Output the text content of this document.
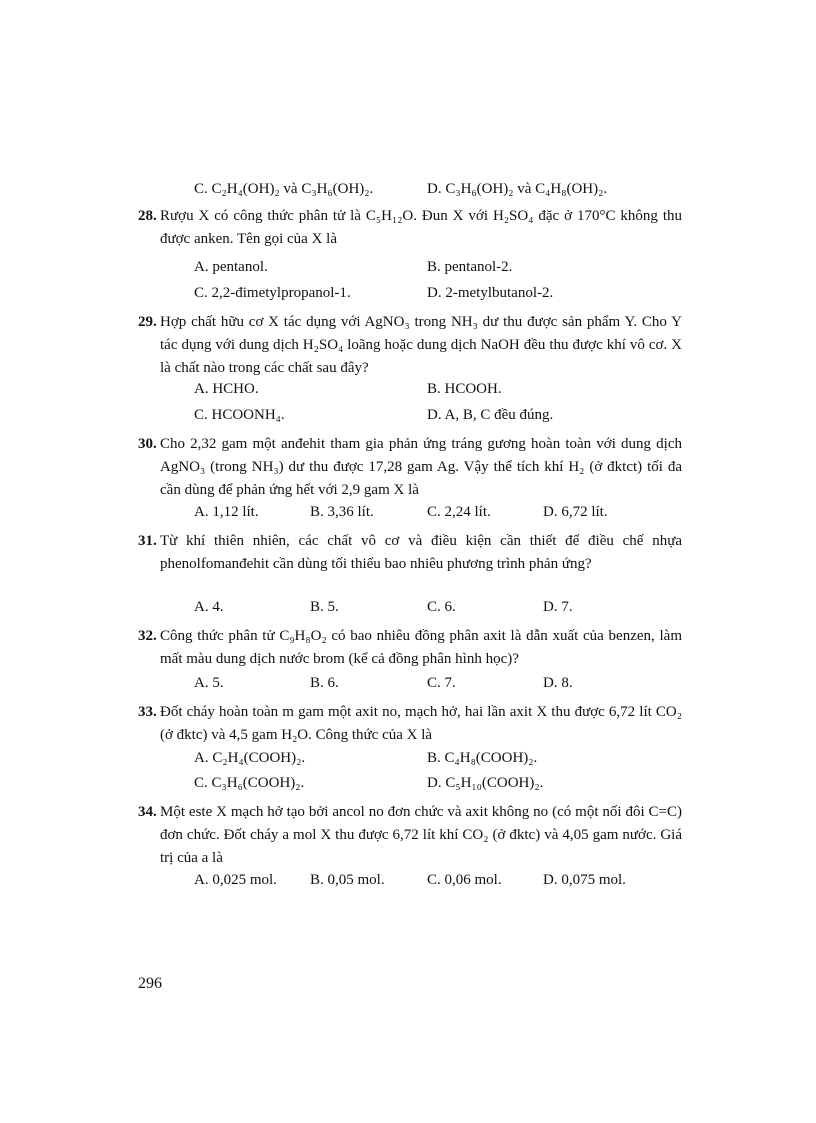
C. C₂H₄(OH)₂ và C₃H₆(OH)₂.	D. C₃H₆(OH)₂ và C₄H₈(OH)₂.
28. Rượu X có công thức phân tử là C₅H₁₂O. Đun X với H₂SO₄ đặc ở 170°C không thu được anken. Tên gọi của X là
A. pentanol.	B. pentanol-2.
C. 2,2-đimetylpropanol-1.	D. 2-metylbutanol-2.
29. Hợp chất hữu cơ X tác dụng với AgNO₃ trong NH₃ dư thu được sản phẩm Y. Cho Y tác dụng với dung dịch H₂SO₄ loãng hoặc dung dịch NaOH đều thu được khí vô cơ. X là chất nào trong các chất sau đây?
A. HCHO.	B. HCOOH.
C. HCOONH₄.	D. A, B, C đều đúng.
30. Cho 2,32 gam một anđehit tham gia phản ứng tráng gương hoàn toàn với dung dịch AgNO₃ (trong NH₃) dư thu được 17,28 gam Ag. Vậy thể tích khí H₂ (ở đktct) tối đa cần dùng để phản ứng hết với 2,9 gam X là
A. 1,12 lít.	B. 3,36 lít.	C. 2,24 lít.	D. 6,72 lít.
31. Từ khí thiên nhiên, các chất vô cơ và điều kiện cần thiết để điều chế nhựa phenolfomanđehit cần dùng tối thiểu bao nhiêu phương trình phản ứng?
A. 4.	B. 5.	C. 6.	D. 7.
32. Công thức phân tử C₉H₈O₂ có bao nhiêu đồng phân axit là dẫn xuất của benzen, làm mất màu dung dịch nước brom (kể cả đồng phân hình học)?
A. 5.	B. 6.	C. 7.	D. 8.
33. Đốt cháy hoàn toàn m gam một axit no, mạch hở, hai lần axit X thu được 6,72 lít CO₂ (ở đktc) và 4,5 gam H₂O. Công thức của X là
A. C₂H₄(COOH)₂.	B. C₄H₈(COOH)₂.
C. C₃H₆(COOH)₂.	D. C₅H₁₀(COOH)₂.
34. Một este X mạch hở tạo bởi ancol no đơn chức và axit không no (có một nối đôi C=C) đơn chức. Đốt cháy a mol X thu được 6,72 lít khí CO₂ (ở đktc) và 4,05 gam nước. Giá trị của a là
A. 0,025 mol. B. 0,05 mol.	C. 0,06 mol.	D. 0,075 mol.
296
